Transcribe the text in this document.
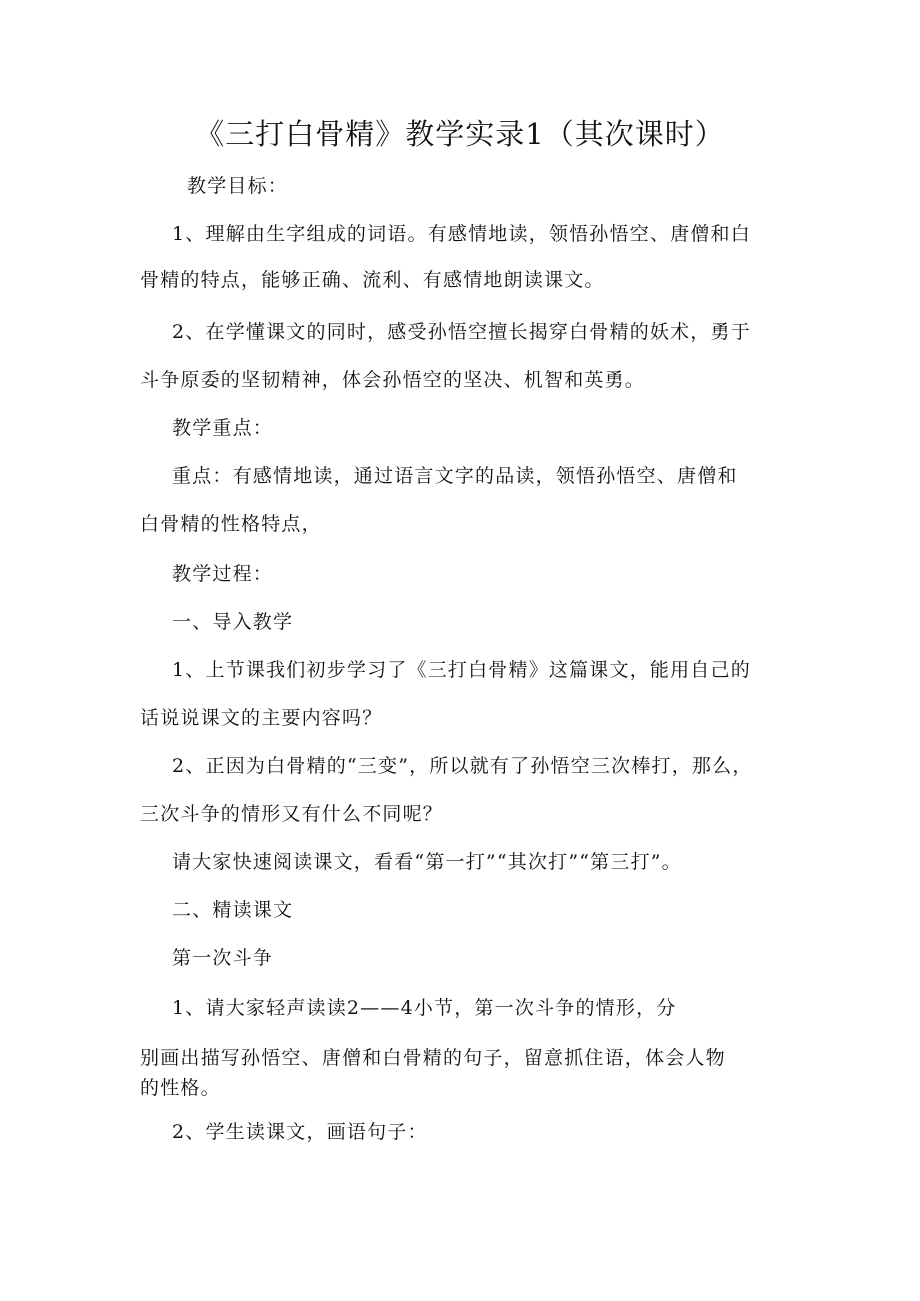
《三打白骨精》教学实录1（其次课时）

教学目标：

1、理解由生字组成的词语。有感情地读，领悟孙悟空、唐僧和白

骨精的特点，能够正确、流利、有感情地朗读课文。

2、在学懂课文的同时，感受孙悟空擅长揭穿白骨精的妖术，勇于

斗争原委的坚韧精神，体会孙悟空的坚决、机智和英勇。

教学重点：

重点：有感情地读，通过语言文字的品读，领悟孙悟空、唐僧和

白骨精的性格特点，

教学过程：

一、导入教学

1、上节课我们初步学习了《三打白骨精》这篇课文，能用自己的

话说说课文的主要内容吗？

2、正因为白骨精的“三变”，所以就有了孙悟空三次棒打，那么，

三次斗争的情形又有什么不同呢？

请大家快速阅读课文，看看“第一打”“其次打”“第三打”。

二、精读课文

第一次斗争

1、请大家轻声读读2——4小节，第一次斗争的情形，分

别画出描写孙悟空、唐僧和白骨精的句子，留意抓住语，体会人物

的性格。

2、学生读课文，画语句子：
